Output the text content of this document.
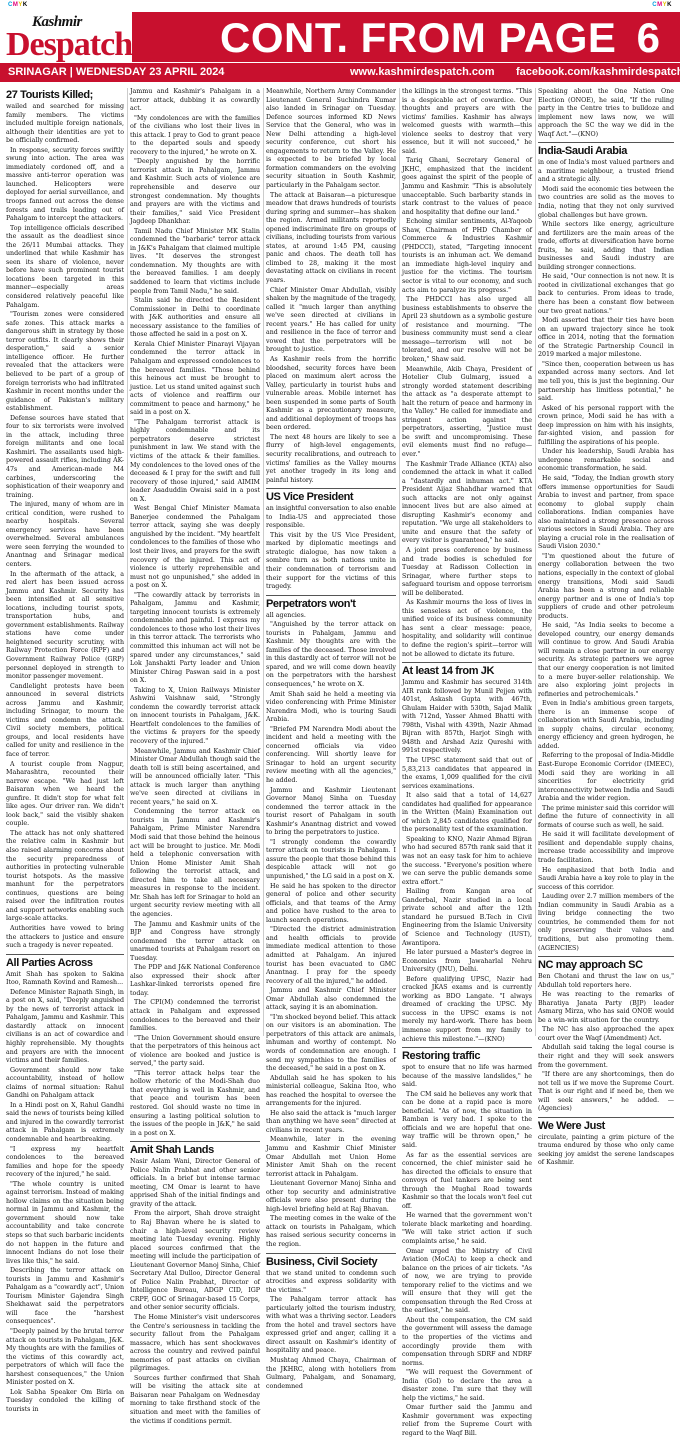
CMYK	CMYK
Kashmir
Despatch CONT. FROM PAGE 6
SRINAGAR | WEDNESDAY 23 APRIL 2024	www.kashmirdespatch.com facebook.com/kashmirdespatch
27 Tourists Killed;

wailed and searched for missing family members. The victims included multiple foreign nationals, although their identities are yet to be officially confirmed.

In response, security forces swiftly swung into action. The area was immediately cordoned off, and a massive anti-terror operation was launched. Helicopters were deployed for aerial surveillance, and troops fanned out across the dense forests and trails leading out of Pahalgam to intercept the attackers.

Top intelligence officials described the assault as the deadliest since the 26/11 Mumbai attacks. They underlined that while Kashmir has seen its share of violence, never before have such prominent tourist locations been targeted in this manner—especially areas considered relatively peaceful like Pahalgam.

"Tourism zones were considered safe zones. This attack marks a dangerous shift in strategy by those terror outfits. It clearly shows their desperation," said a senior intelligence officer. He further revealed that the attackers were believed to be part of a group of foreign terrorists who had infiltrated Kashmir in recent months under the guidance of Pakistan's military establishment.

Defense sources have stated that four to six terrorists were involved in the attack, including three foreign militants and one local Kashmiri. The assailants used high-powered assault rifles, including AK-47s and American-made M4 carbines, underscoring the sophistication of their weaponry and training.

The injured, many of whom are in critical condition, were rushed to nearby hospitals. Several emergency services have been overwhelmed. Several ambulances were seen ferrying the wounded to Anantnag and Srinagar medical centers.

In the aftermath of the attack, a red alert has been issued across Jammu and Kashmir. Security has been intensified at all sensitive locations, including tourist spots, transportation hubs, and government establishments. Railway stations have come under heightened security scrutiny, with Railway Protection Force (RPF) and Government Railway Police (GRP) personnel deployed in strength to monitor passenger movement.

Candlelight protests have been announced in several districts across Jammu and Kashmir, including Srinagar, to mourn the victims and condemn the attack. Civil society members, political groups, and local residents have called for unity and resilience in the face of terror.

A tourist couple from Nagpur, Maharashtra, recounted their narrow escape. "We had just left Baisaran when we heard the gunfire. It didn't stop for what felt like ages. Our driver ran. We didn't look back," said the visibly shaken couple.

The attack has not only shattered the relative calm in Kashmir but also raised alarming concerns about the security preparedness of authorities in protecting vulnerable tourist hotspots. As the massive manhunt for the perpetrators continues, questions are being raised over the infiltration routes and support networks enabling such large-scale attacks.

Authorities have vowed to bring the attackers to justice and ensure such a tragedy is never repeated.

All Parties Across

Amit Shah has spoken to Sakina Itoo, Ramnath Kovind and Ramesh...

Defence Minister Rajnath Singh, in a post on X, said, "Deeply anguished by the news of terrorist attack in Pahalgam, Jammu and Kashmir. This dastardly attack on innocent civilians is an act of cowardice and highly reprehensible. My thoughts and prayers are with the innocent victims and their families.

Government should now take accountability, instead of hollow claims of normal situation: Rahul Gandhi on Pahalgam attack

In a Hindi post on X, Rahul Gandhi said the news of tourists being killed and injured in the cowardly terrorist attack in Pahalgam is extremely condemnable and heartbreaking.

"I express my heartfelt condolences to the bereaved families and hope for the speedy recovery of the injured," he said.

"The whole country is united against terrorism. Instead of making hollow claims on the situation being normal in Jammu and Kashmir, the government should now take accountability and take concrete steps so that such barbaric incidents do not happen in the future and innocent Indians do not lose their lives like this," he said.

Describing the terror attack on tourists in Jammu and Kashmir's Pahalgam as a "cowardly act", Union Tourism Minister Gajendra Singh Shekhawat said the perpetrators will face the "harshest consequences".

"Deeply pained by the brutal terror attack on tourists in Pahalgam, J&K. My thoughts are with the families of the victims of this cowardly act, perpetrators of which will face the harshest consequences," the Union Minister posted on X.

Lok Sabha Speaker Om Birla on Tuesday condoled the killing of tourists in

Jammu and Kashmir's Pahalgam in a terror attack, dubbing it as cowardly act.

"My condolences are with the families of the civilians who lost their lives in this attack. I pray to God to grant peace to the departed souls and speedy recovery to the injured," he wrote on X.

"Deeply anguished by the horrific terrorist attack in Pahalgam, Jammu and Kashmir. Such acts of violence are reprehensible and deserve our strongest condemnation. My thoughts and prayers are with the victims and their families," said Vice President Jagdeep Dhankhar.

Tamil Nadu Chief Minister MK Stalin condemned the "barbaric" terror attack in J&K's Pahalgam that claimed multiple lives. "It deserves the strongest condemnation. My thoughts are with the bereaved families. I am deeply saddened to learn that victims include people from Tamil Nadu," he said.

Stalin said he directed the Resident Commissioner in Delhi to coordinate with J&K authorities and ensure all necessary assistance to the families of those affected he said in a post on X.

Kerala Chief Minister Pinarayi Vijayan condemned the terror attack in Pahalgam and expressed condolences to the bereaved families. "Those behind this heinous act must be brought to justice. Let us stand united against such acts of violence and reaffirm our commitment to peace and harmony," he said in a post on X.

"The Pahalgam terrorist attack is highly condemnable and its perpetrators deserve strictest punishment in law. We stand with the victims of the attack & their families. My condolences to the loved ones of the deceased & I pray for the swift and full recovery of those injured," said AIMIM leader Asaduddin Owaisi said in a post on X.

West Bengal Chief Minister Mamata Banerjee condemned the Pahalgam terror attack, saying she was deeply anguished by the incident. "My heartfelt condolences to the families of those who lost their lives, and prayers for the swift recovery of the injured. This act of violence is utterly reprehensible and must not go unpunished," she added in a post on X.

"The cowardly attack by terrorists in Pahalgam, Jammu and Kashmir, targeting innocent tourists is extremely condemnable and painful. I express my condolences to those who lost their lives in this terror attack. The terrorists who committed this inhuman act will not be spared under any circumstances," said Lok Janshakti Party leader and Union Minister Chirag Paswan said in a post on X.

Taking to X, Union Railways Minister Ashwini Vaishnaw said, "Strongly condemn the cowardly terrorist attack on innocent tourists in Pahalgam, J&K. Heartfelt condolences to the families of the victims & prayers for the speedy recovery of the injured."

Meanwhile, Jammu and Kashmir Chief Minister Omar Abdullah though said the death toll is still being ascertained, and will be announced officially later. "This attack is much larger than anything we've seen directed at civilians in recent years," he said on X.

Condemning the terror attack on tourists in Jammu and Kashmir's Pahalgam, Prime Minister Narendra Modi said that those behind the heinous act will be brought to justice. Mr. Modi held a telephonic conversation with Union Home Minister Amit Shah following the terrorist attack, and directed him to take all necessary measures in response to the incident. Mr. Shah has left for Srinagar to hold an urgent security review meeting with all the agencies.

The Jammu and Kashmir units of the BJP and Congress have strongly condemned the terror attack on unarmed tourists at Pahalgam resort on Tuesday.

The PDP and J&K National Conference also expressed their shock after Lashkar-linked terrorists opened fire today.

The CPI(M) condemned the terrorist attack in Pahalgam and expressed condolences to the bereaved and their families.

"The Union Government should ensure that the perpetrators of this heinous act of violence are booked and justice is served," the party said.

"This terror attack helps tear the hollow rhetoric of the Modi-Shah duo that everything is well in Kashmir, and that peace and tourism has been restored. Gol should waste no time in ensuring a lasting political solution to the issues of the people in J&K," he said in a post on X.

Amit Shah Lands

Nasir Aslam Wani, Director General of Police Nalin Prabhat and other senior officials. In a brief but intense tarmac meeting, CM Omar is learnt to have apprised Shah of the initial findings and gravity of the attack.

From the airport, Shah drove straight to Raj Bhavan where he is slated to chair a high-level security review meeting late Tuesday evening. Highly placed sources confirmed that the meeting will include the participation of Lieutenant Governor Manoj Sinha, Chief Secretary Atal Dulloo, Director General of Police Nalin Prabhat, Director of Intelligence Bureau, ADGP CID, IGP CRPF, GOC of Srinagar-based 15 Corps, and other senior security officials.

The Home Minister's visit underscores the Centre's seriousness in tackling the security fallout from the Pahalgam massacre, which has sent shockwaves across the country and revived painful memories of past attacks on civilian pilgrimages.

Sources further confirmed that Shah will be visiting the attack site at Baisaran near Pahalgam on Wednesday morning to take firsthand stock of the situation and meet with the families of the victims if conditions permit.

Meanwhile, Northern Army Commander Lieutenant General Suchindra Kumar also landed in Srinagar on Tuesday. Defence sources informed KD News Service that the General, who was in New Delhi attending a high-level security conference, cut short his engagements to return to the Valley. He is expected to be briefed by local formation commanders on the evolving security situation in South Kashmir, particularly in the Pahalgam sector.

The attack at Baisaran—a picturesque meadow that draws hundreds of tourists during spring and summer—has shaken the region. Armed militants reportedly opened indiscriminate fire on groups of civilians, including tourists from various states, at around 1:45 PM, causing panic and chaos. The death toll has climbed to 28, making it the most devastating attack on civilians in recent years.

Chief Minister Omar Abdullah, visibly shaken by the magnitude of the tragedy, called it "much larger than anything we've seen directed at civilians in recent years." He has called for unity and resilience in the face of terror and vowed that the perpetrators will be brought to justice.

As Kashmir reels from the horrific bloodshed, security forces have been placed on maximum alert across the Valley, particularly in tourist hubs and vulnerable areas. Mobile internet has been suspended in some parts of South Kashmir as a precautionary measure, and additional deployment of troops has been ordered.

The next 48 hours are likely to see a flurry of high-level engagements, security recalibrations, and outreach to victims' families as the Valley mourns yet another tragedy in its long and painful history.

US Vice President

an insightful conversation to also enable to India-US and appreciated those responsible.

This visit by the US Vice President, marked by diplomatic meetings and strategic dialogue, has now taken a sombre turn as both nations unite in their condemnation of terrorism and their support for the victims of this tragedy.

Perpetrators won't

all agencies.

"Anguished by the terror attack on tourists in Pahalgam, Jammu and Kashmir. My thoughts are with the families of the deceased. Those involved in this dastardly act of terror will not be spared, and we will come down heavily on the perpetrators with the harshest consequences," he wrote on X.

Amit Shah said he held a meeting via video conferencing with Prime Minister Narendra Modi, who is touring Saudi Arabia.

"Briefed PM Narendra Modi about the incident and held a meeting with the concerned officials via video conferencing. Will shortly leave for Srinagar to hold an urgent security review meeting with all the agencies," he added.

Jammu and Kashmir Lieutenant Governor Manoj Sinha on Tuesday condemned the terror attack in the tourist resort of Pahalgam in south Kashmir's Anantnag district and vowed to bring the perpetrators to justice.

"I strongly condemn the cowardly terror attack on tourists in Pahalgam. I assure the people that those behind this despicable attack will not go unpunished," the LG said in a post on X.

He said he has spoken to the director general of police and other security officials, and that teams of the Army and police have rushed to the area to launch search operations.

"Directed the district administration and health officials to provide immediate medical attention to those admitted at Pahalgam. An injured tourist has been evacuated to GMC Anantnag. I pray for the speedy recovery of all the injured," he added.

Jammu and Kashmir Chief Minister Omar Abdullah also condemned the attack, saying it is an abomination.

"I'm shocked beyond belief. This attack on our visitors is an abomination. The perpetrators of this attack are animals, inhuman and worthy of contempt. No words of condemnation are enough. I send my sympathies to the families of the deceased," he said in a post on X.

Abdullah said he has spoken to his ministerial colleague, Sakina Itoo, who has reached the hospital to oversee the arrangements for the injured.

He also said the attack is "much larger than anything we have seen" directed at civilians in recent years.

Meanwhile, later in the evening Jammu and Kashmir Chief Minister Omar Abdullah met Union Home Minister Amit Shah on the recent terrorist attack in Pahalgam.

Lieutenant Governor Manoj Sinha and other top security and administrative officials were also present during the high-level briefing held at Raj Bhavan.

The meeting comes in the wake of the attack on tourists in Pahalgam, which has raised serious security concerns in the region.

Business, Civil Society

that we stand united to condemn such atrocities and express solidarity with the victims."

The Pahalgam terror attack has particularly jolted the tourism industry, with what was a thriving sector. Leaders from the hotel and travel sectors have expressed grief and anger, calling it a direct assault on Kashmir's identity of hospitality and peace.

Mushtaq Ahmed Chaya, Chairman of the JKHRC, along with hoteliers from Gulmarg, Pahalgam, and Sonamarg, condemned

the killings in the strongest terms. "This is a despicable act of cowardice. Our thoughts and prayers are with the victims' families. Kashmir has always welcomed guests with warmth—this violence seeks to destroy that very essence, but it will not succeed," he said.

Tariq Ghani, Secretary General of JKHC, emphasized that the incident goes against the spirit of the people of Jammu and Kashmir. "This is absolutely unacceptable. Such barbarity stands in stark contrast to the values of peace and hospitality that define our land."

Echoing similar sentiments, Al-Yaqoob Shaw, Chairman of PHD Chamber of Commerce & Industries Kashmir (PHDCCI), stated, "Targeting innocent tourists is an inhuman act. We demand an immediate high-level inquiry and justice for the victims. The tourism sector is vital to our economy, and such acts aim to paralyze its progress."

The PHDCCI has also urged all business establishments to observe the April 23 shutdown as a symbolic gesture of resistance and mourning. "The business community must send a clear message—terrorism will not be tolerated, and our resolve will not be broken," Shaw said.

Meanwhile, Akib Chaya, President of Hotelier Club Gulmarg, issued a strongly worded statement describing the attack as "a desperate attempt to halt the return of peace and harmony in the Valley." He called for immediate and stringent action against the perpetrators, asserting, "Justice must be swift and uncompromising. These evil elements must find no refuge—ever."

The Kashmir Trade Alliance (KTA) also condemned the attack in what it called a "dastardly and inhuman act." KTA President Aijaz Shahdhar warned that such attacks are not only against innocent lives but are also aimed at disrupting Kashmir's economy and reputation. "We urge all stakeholders to unite and ensure that the safety of every visitor is guaranteed," he said.

A joint press conference by business and trade bodies is scheduled for Tuesday at Radisson Collection in Srinagar, where further steps to safeguard tourism and oppose terrorism will be deliberated.

As Kashmir mourns the loss of lives in this senseless act of violence, the unified voice of its business community has sent a clear message: peace, hospitality, and solidarity will continue to define the region's spirit—terror will not be allowed to dictate its future.

At least 14 from JK

Jammu and Kashmir has secured 314th AIR rank followed by Munil Pejjen with 401st, Askash Gupta with 467th, Ghulam Haider with 530th, Sajad Malik with 712nd, Yasser Ahmed Bhatti with 798th, Vishal with 439th, Nazir Ahmad Bijran with 857th, Harjot Singh with 948th and Arshad Aziz Qureshi with 991st respectively.

The UPSC statement said that out of 5,83,213 candidates that appeared in the exams, 1,009 qualified for the civil services examinations.

It also said that a total of 14,627 candidates had qualified for appearance in the Written (Main) Examination out of which 2,845 candidates qualified for the personality test of the examination.

Speaking to KNO, Nazir Ahmad Bijran who had secured 857th rank said that it was not an easy task for him to achieve the success. "Everyone's position where we can serve the public demands some extra effort."

Hailing from Kangan area of Ganderbal, Nazir studied in a local private school and after the 12th standard he pursued B.Tech in Civil Engineering from the Islamic University of Science and Technology (IUST), Awantipora.

He later pursued a Master's degree in Economics from Jawaharlal Nehru University (JNU), Delhi.

Before qualifying UPSC, Nazir had cracked JKAS exams and is currently working as BDO Langate. "I always dreamed of cracking the UPSC. My success in the UPSC exams is not merely my hard-work. There has been immense support from my family to achieve this milestone."—(KNO)

Restoring traffic

spot to ensure that no life was harmed because of the massive landslides," he said.

The CM said he believes any work that can be done at a rapid pace is more beneficial. "As of now, the situation in Ramban is very bad. I spoke to the officials and we are hopeful that one-way traffic will be thrown open," he said.

As far as the essential services are concerned, the chief minister said he has directed the officials to ensure that convoys of fuel tankers are being sent through the Mughal Road towards Kashmir so that the locals won't feel cut off.

He warned that the government won't tolerate black marketing and hoarding. "We will take strict action if such complaints arise," he said.

Omar urged the Ministry of Civil Aviation (MoCA) to keep a check and balance on the prices of air tickets. "As of now, we are trying to provide temporary relief to the victims and we will ensure that they will get the compensation through the Red Cross at the earliest," he said.

About the compensation, the CM said the government will assess the damage to the properties of the victims and accordingly provide them with compensation through SDRF and NDRF norms.

"We will request the Government of India (GoI) to declare the area a disaster zone. I'm sure that they will help the victims," he said.

Omar further said the Jammu and Kashmir government was expecting relief from the Supreme Court with regard to the Waqf Bill.

Speaking about the One Nation One Election (ONOE), he said, "If the ruling party in the Centre tries to bulldoze and implement new laws now, we will approach the SC the way we did in the Waqf Act."—(KNO)

India-Saudi Arabia

in one of India's most valued partners and a maritime neighbour, a trusted friend and a strategic ally.

Modi said the economic ties between the two countries are solid as the moves to India, noting that they not only survived global challenges but have grown.

While sectors like energy, agriculture and fertilizers are the main areas of the trade, efforts at diversification have borne fruits, he said, adding that Indian businesses and Saudi industry are building stronger connections.

He said, "Our connection is not new. It is rooted in civilizational exchanges that go back to centuries. From ideas to trade, there has been a constant flow between our two great nations."

Modi asserted that their ties have been on an upward trajectory since he took office in 2014, noting that the formation of the Strategic Partnership Council in 2019 marked a major milestone.

"Since then, cooperation between us has expanded across many sectors. And let me tell you, this is just the beginning. Our partnership has limitless potential," he said.

Asked of his personal rapport with the crown prince, Modi said he has with a deep impression on him with his insights, far-sighted vision, and passion for fulfilling the aspirations of his people.

Under his leadership, Saudi Arabia has undergone remarkable social and economic transformation, he said.

He said, "Today, the Indian growth story offers immense opportunities for Saudi Arabia to invest and partner, from space economy to global supply chain collaborations. Indian companies have also maintained a strong presence across various sectors in Saudi Arabia. They are playing a crucial role in the realisation of Saudi Vision 2030."

"I'm questioned about the future of energy collaboration between the two nations, especially in the context of global energy transitions, Modi said Saudi Arabia has been a strong and reliable energy partner and is one of India's top suppliers of crude and other petroleum products.

He said, "As India seeks to become a developed country, our energy demands will continue to grow. And Saudi Arabia will remain a close partner in our energy security. As strategic partners we agree that our energy cooperation is not limited to a mere buyer-seller relationship. We are also exploring joint projects in refineries and petrochemicals."

Even in India's ambitious green targets, there is an immense scope of collaboration with Saudi Arabia, including in supply chains, circular economy, energy efficiency and green hydrogen, he added.

Referring to the proposal of India-Middle East-Europe Economic Corridor (IMEEC), Modi said they are working in all sincerities for electricity grid interconnectivity between India and Saudi Arabia and the wider region.

The prime minister said this corridor will define the future of connectivity in all formats of course such as well, he said.

He said it will facilitate development of resilient and dependable supply chains, increase trade accessibility and improve trade facilitation.

He emphasized that both India and Saudi Arabia have a key role to play in the success of this corridor.

Lauding over 2.7 million members of the Indian community in Saudi Arabia as a living bridge connecting the two countries, he commended them for not only preserving their values and traditions, but also promoting them. (AGENCIES)

NC may approach SC

Ben Chotani and thrust the law on us," Abdullah told reporters here.

He was reacting to the remarks of Bharatiya Janata Party (BJP) leader Asmarg Mirza, who has said ONOE would be a win-win situation for the country.

The NC has also approached the apex court over the Waqf (Amendment) Act.

Abdullah said taking the legal course is their right and they will seek answers from the government.

"If there are any shortcomings, then do not tell us if we move the Supreme Court. That is our right and if need be, then we will seek answers," he added. —(Agencies)

We Were Just

circulate, painting a grim picture of the trauma endured by those who only came seeking joy amidst the serene landscapes of Kashmir.
